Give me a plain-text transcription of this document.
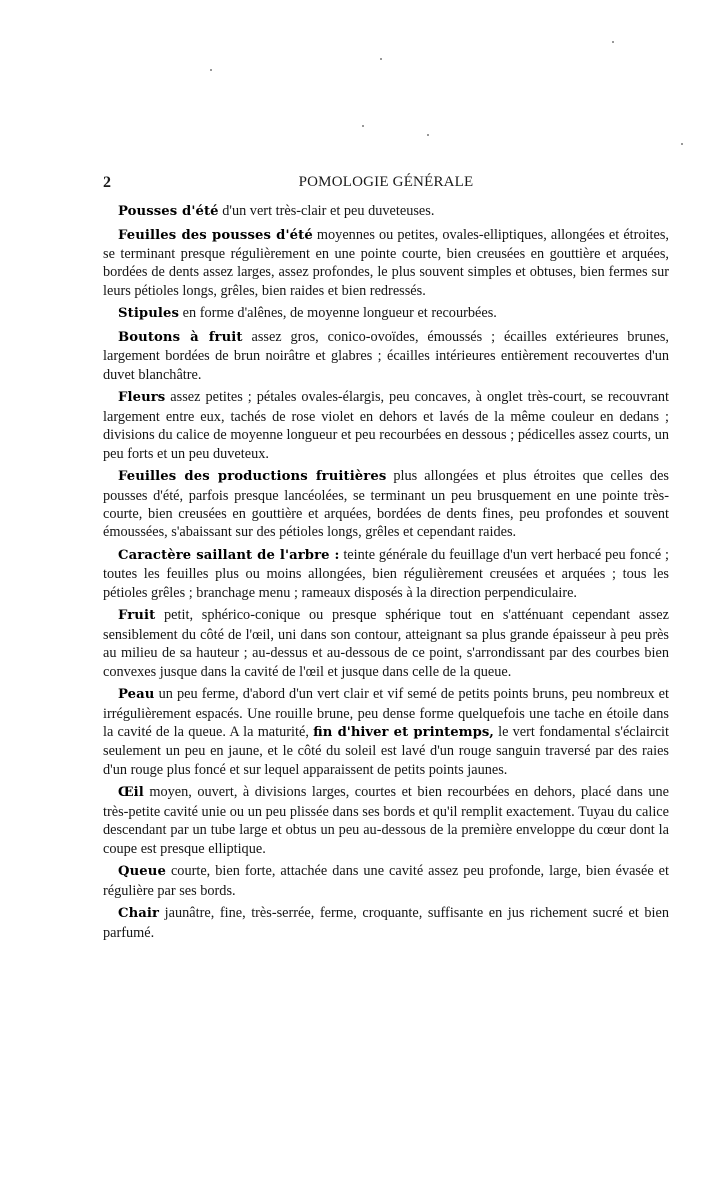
2	POMOLOGIE GÉNÉRALE

Pousses d'été d'un vert très-clair et peu duveteuses.

Feuilles des pousses d'été moyennes ou petites, ovales-elliptiques, allongées et étroites, se terminant presque régulièrement en une pointe courte, bien creusées en gouttière et arquées, bordées de dents assez larges, assez profondes, le plus souvent simples et obtuses, bien fermes sur leurs pétioles longs, grêles, bien raides et bien redressés.

Stipules en forme d'alênes, de moyenne longueur et recourbées.

Boutons à fruit assez gros, conico-ovoïdes, émoussés ; écailles extérieures brunes, largement bordées de brun noirâtre et glabres ; écailles intérieures entièrement recouvertes d'un duvet blanchâtre.

Fleurs assez petites ; pétales ovales-élargis, peu concaves, à onglet très-court, se recouvrant largement entre eux, tachés de rose violet en dehors et lavés de la même couleur en dedans ; divisions du calice de moyenne longueur et peu recourbées en dessous ; pédicelles assez courts, un peu forts et un peu duveteux.

Feuilles des productions fruitières plus allongées et plus étroites que celles des pousses d'été, parfois presque lancéolées, se terminant un peu brusquement en une pointe très-courte, bien creusées en gouttière et arquées, bordées de dents fines, peu profondes et souvent émoussées, s'abaissant sur des pétioles longs, grêles et cependant raides.

Caractère saillant de l'arbre : teinte générale du feuillage d'un vert herbacé peu foncé ; toutes les feuilles plus ou moins allongées, bien régulièrement creusées et arquées ; tous les pétioles grêles ; branchage menu ; rameaux disposés à la direction perpendiculaire.

Fruit petit, sphérico-conique ou presque sphérique tout en s'atténuant cependant assez sensiblement du côté de l'œil, uni dans son contour, atteignant sa plus grande épaisseur à peu près au milieu de sa hauteur ; au-dessus et au-dessous de ce point, s'arrondissant par des courbes bien convexes jusque dans la cavité de l'œil et jusque dans celle de la queue.

Peau un peu ferme, d'abord d'un vert clair et vif semé de petits points bruns, peu nombreux et irrégulièrement espacés. Une rouille brune, peu dense forme quelquefois une tache en étoile dans la cavité de la queue. A la maturité, fin d'hiver et printemps, le vert fondamental s'éclaircit seulement un peu en jaune, et le côté du soleil est lavé d'un rouge sanguin traversé par des raies d'un rouge plus foncé et sur lequel apparaissent de petits points jaunes.

Œil moyen, ouvert, à divisions larges, courtes et bien recourbées en dehors, placé dans une très-petite cavité unie ou un peu plissée dans ses bords et qu'il remplit exactement. Tuyau du calice descendant par un tube large et obtus un peu au-dessous de la première enveloppe du cœur dont la coupe est presque elliptique.

Queue courte, bien forte, attachée dans une cavité assez peu profonde, large, bien évasée et régulière par ses bords.

Chair jaunâtre, fine, très-serrée, ferme, croquante, suffisante en jus richement sucré et bien parfumé.
